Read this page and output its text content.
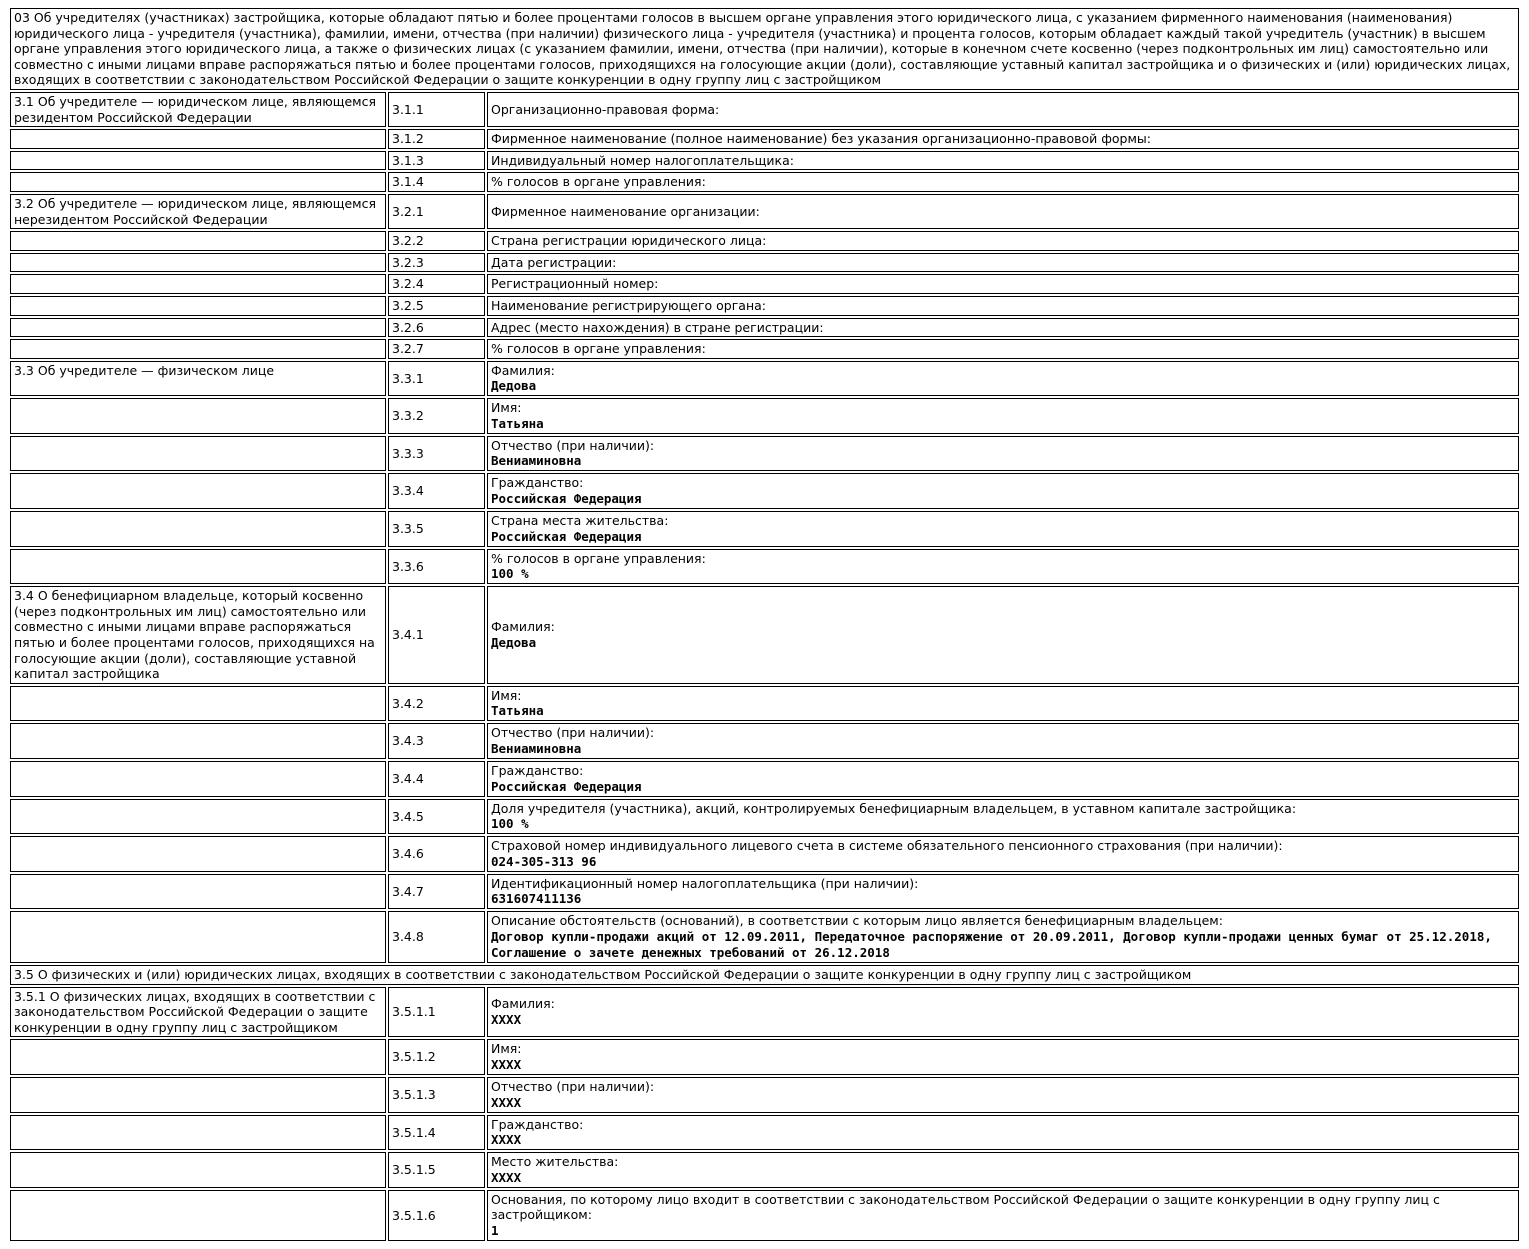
03 Об учредителях (участниках) застройщика, которые обладают пятью и более процентами голосов в высшем органе управления этого юридического лица, с указанием фирменного наименования (наименования) юридического лица - учредителя (участника), фамилии, имени, отчества (при наличии) физического лица - учредителя (участника) и процента голосов, которым обладает каждый такой учредитель (участник) в высшем органе управления этого юридического лица, а также о физических лицах (с указанием фамилии, имени, отчества (при наличии), которые в конечном счете косвенно (через подконтрольных им лиц) самостоятельно или совместно с иными лицами вправе распоряжаться пятью и более процентами голосов, приходящихся на голосующие акции (доли), составляющие уставный капитал застройщика и о физических и (или) юридических лицах, входящих в соответствии с законодательством Российской Федерации о защите конкуренции в одну группу лиц с застройщиком		
3.1 Об учредителе — юридическом лице, являющемся резидентом Российской Федерации	3.1.1	Организационно-правовая форма:

	3.1.2	Фирменное наименование (полное наименование) без указания организационно-правовой формы:

	3.1.3	Индивидуальный номер налогоплательщика:

	3.1.4	% голосов в органе управления:

3.2 Об учредителе — юридическом лице, являющемся нерезидентом Российской Федерации	3.2.1	Фирменное наименование организации:

	3.2.2	Страна регистрации юридического лица:

	3.2.3	Дата регистрации:

	3.2.4	Регистрационный номер:

	3.2.5	Наименование регистрирующего органа:

	3.2.6	Адрес (место нахождения) в стране регистрации:

	3.2.7	% голосов в органе управления:

3.3 Об учредителе — физическом лице	3.3.1	Фамилия:
Дедова

	3.3.2	Имя:
Татьяна

	3.3.3	Отчество (при наличии):
Вениаминовна

	3.3.4	Гражданство:
Российская Федерация

	3.3.5	Страна места жительства:
Российская Федерация

	3.3.6	% голосов в органе управления:
100 %

3.4 О бенефициарном владельце, который косвенно (через подконтрольных им лиц) самостоятельно или совместно с иными лицами вправе распоряжаться пятью и более процентами голосов, приходящихся на голосующие акции (доли), составляющие уставной капитал застройщика	3.4.1	Фамилия:
Дедова

	3.4.2	Имя:
Татьяна

	3.4.3	Отчество (при наличии):
Вениаминовна

	3.4.4	Гражданство:
Российская Федерация

	3.4.5	Доля учредителя (участника), акций, контролируемых бенефициарным владельцем, в уставном капитале застройщика:
100 %

	3.4.6	Страховой номер индивидуального лицевого счета в системе обязательного пенсионного страхования (при наличии):
024-305-313 96

	3.4.7	Идентификационный номер налогоплательщика (при наличии):
631607411136

	3.4.8	Описание обстоятельств (оснований), в соответствии с которым лицо является бенефициарным владельцем:
Договор купли-продажи акций от 12.09.2011, Передаточное распоряжение от 20.09.2011, Договор купли-продажи ценных бумаг от 25.12.2018, Соглашение о зачете денежных требований от 26.12.2018

3.5 О физических и (или) юридических лицах, входящих в соответствии с законодательством Российской Федерации о защите конкуренции в одну группу лиц с застройщиком		
3.5.1 О физических лицах, входящих в соответствии с законодательством Российской Федерации о защите конкуренции в одну группу лиц с застройщиком	3.5.1.1	Фамилия:
XXXX

	3.5.1.2	Имя:
XXXX

	3.5.1.3	Отчество (при наличии):
XXXX

	3.5.1.4	Гражданство:
XXXX

	3.5.1.5	Место жительства:
XXXX

	3.5.1.6	Основания, по которому лицо входит в соответствии с законодательством Российской Федерации о защите конкуренции в одну группу лиц с застройщиком:
1
